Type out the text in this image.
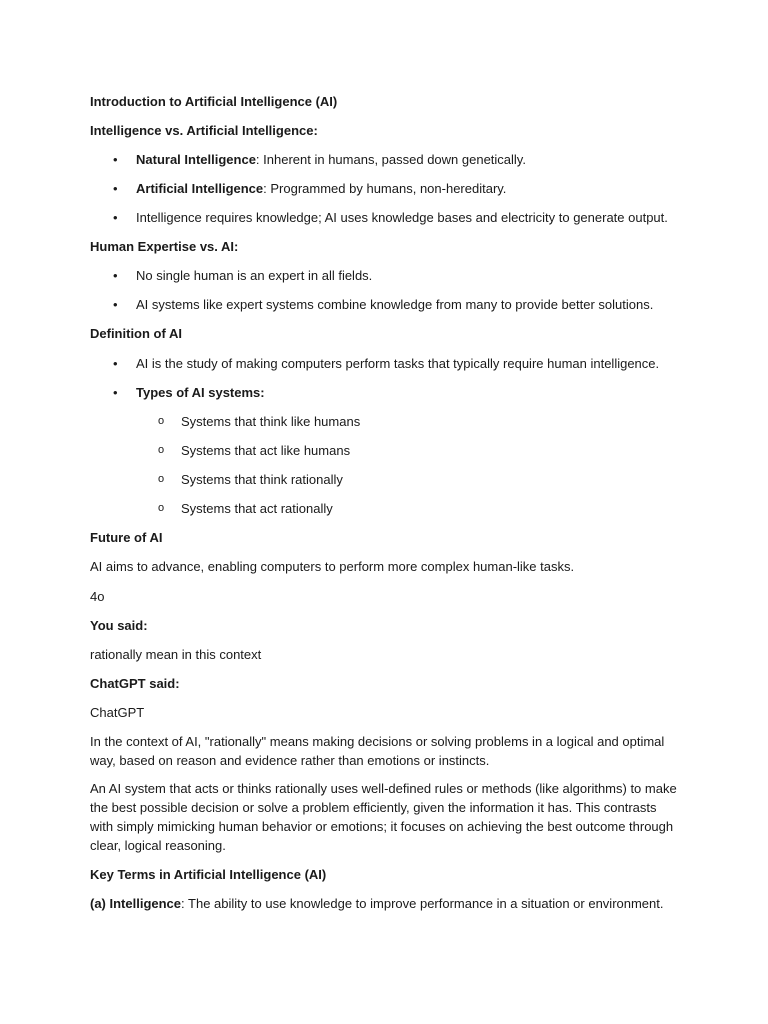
Introduction to Artificial Intelligence (AI)
Intelligence vs. Artificial Intelligence:
• Natural Intelligence: Inherent in humans, passed down genetically.
• Artificial Intelligence: Programmed by humans, non-hereditary.
• Intelligence requires knowledge; AI uses knowledge bases and electricity to generate output.
Human Expertise vs. AI:
• No single human is an expert in all fields.
• AI systems like expert systems combine knowledge from many to provide better solutions.
Definition of AI
• AI is the study of making computers perform tasks that typically require human intelligence.
• Types of AI systems:
o Systems that think like humans
o Systems that act like humans
o Systems that think rationally
o Systems that act rationally
Future of AI
AI aims to advance, enabling computers to perform more complex human-like tasks.
4o
You said:
rationally mean in this context
ChatGPT said:
ChatGPT
In the context of AI, "rationally" means making decisions or solving problems in a logical and optimal way, based on reason and evidence rather than emotions or instincts.
An AI system that acts or thinks rationally uses well-defined rules or methods (like algorithms) to make the best possible decision or solve a problem efficiently, given the information it has. This contrasts with simply mimicking human behavior or emotions; it focuses on achieving the best outcome through clear, logical reasoning.
Key Terms in Artificial Intelligence (AI)
(a) Intelligence: The ability to use knowledge to improve performance in a situation or environment.
